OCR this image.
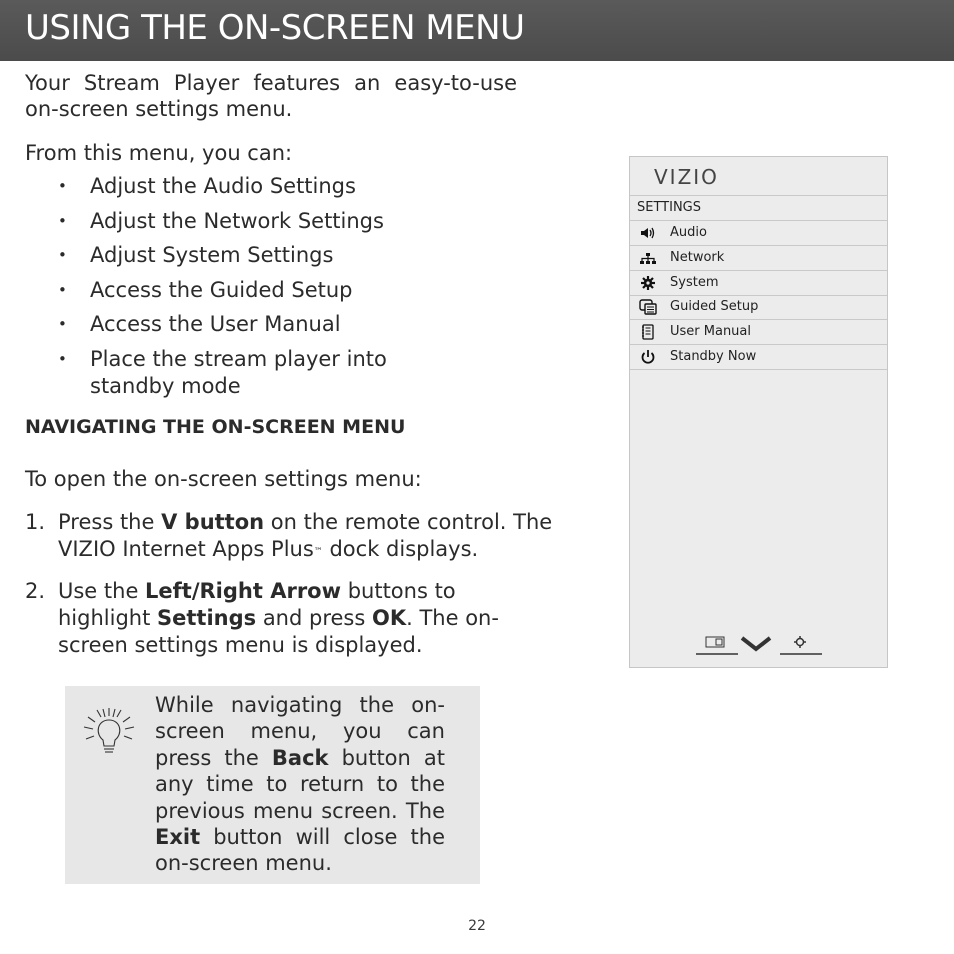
USING THE ON-SCREEN MENU

Your Stream Player features an easy-to-use on-screen settings menu.

From this menu, you can:

• Adjust the Audio Settings
• Adjust the Network Settings
• Adjust System Settings
• Access the Guided Setup
• Access the User Manual
• Place the stream player into standby mode
NAVIGATING THE ON-SCREEN MENU

To open the on-screen settings menu:

1. Press the V button on the remote control. The VIZIO Internet Apps Plus™ dock displays.
2. Use the Left/Right Arrow buttons to highlight Settings and press OK. The on-screen settings menu is displayed.

While navigating the on-screen menu, you can press the Back button at any time to return to the previous menu screen. The Exit button will close the on-screen menu.

VIZIO
SETTINGS
Audio
Network
System
Guided Setup
User Manual
Standby Now
22
